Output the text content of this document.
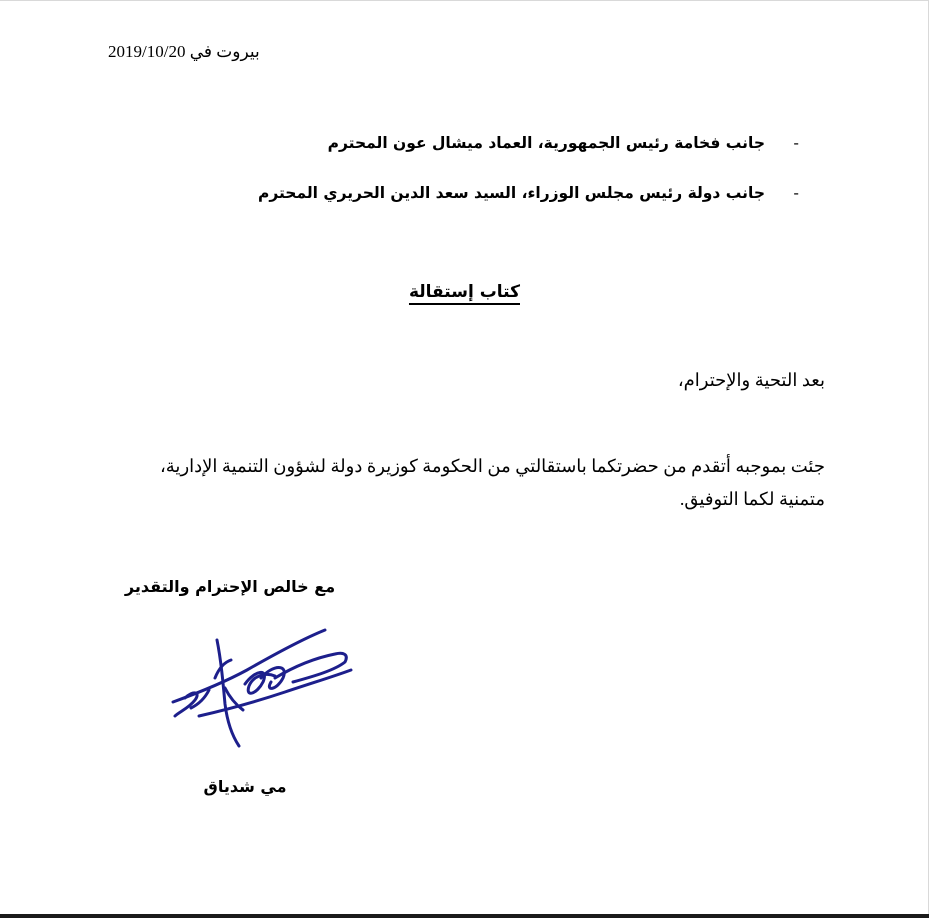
بيروت في 2019/10/20
-
جانب فخامة رئيس الجمهورية، العماد ميشال عون المحترم
-
جانب دولة رئيس مجلس الوزراء، السيد سعد الدين الحريري المحترم
كتاب إستقالة
بعد التحية والإحترام،
جئت بموجبه أتقدم من حضرتكما باستقالتي من الحكومة كوزيرة دولة لشؤون التنمية الإدارية،
متمنية لكما التوفيق.
مع خالص الإحترام والتقدير
مي شدياق
